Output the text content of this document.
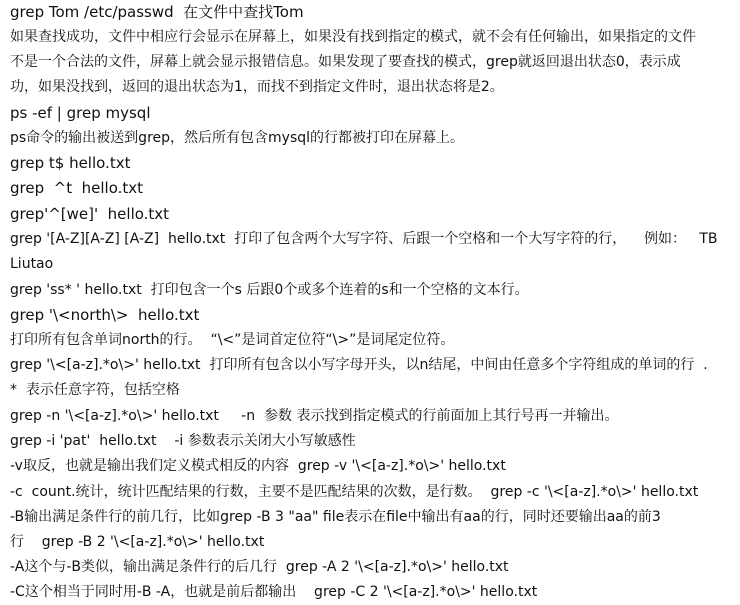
grep Tom /etc/passwd  在文件中查找Tom
如果查找成功，文件中相应行会显示在屏幕上，如果没有找到指定的模式，就不会有任何输出，如果指定的文件
不是一个合法的文件，屏幕上就会显示报错信息。如果发现了要查找的模式，grep就返回退出状态0，表示成
功，如果没找到，返回的退出状态为1，而找不到指定文件时，退出状态将是2。
ps -ef | grep mysql
ps命令的输出被送到grep，然后所有包含mysql的行都被打印在屏幕上。
grep t$ hello.txt
grep  ^t  hello.txt
grep'^[we]'  hello.txt
grep '[A-Z][A-Z] [A-Z]  hello.txt  打印了包含两个大写字符、后跟一个空格和一个大写字符的行，    例如：   TB
Liutao
grep 'ss* ' hello.txt  打印包含一个s 后跟0个或多个连着的s和一个空格的文本行。
grep '\<north\>  hello.txt
打印所有包含单词north的行。  “\<”是词首定位符“\>”是词尾定位符。
grep '\<[a-z].*o\>' hello.txt  打印所有包含以小写字母开头，以n结尾，中间由任意多个字符组成的单词的行  .
*  表示任意字符，包括空格
grep -n '\<[a-z].*o\>' hello.txt     -n  参数 表示找到指定模式的行前面加上其行号再一并输出。
grep -i 'pat'  hello.txt    -i 参数表示关闭大小写敏感性
-v取反，也就是输出我们定义模式相反的内容  grep -v '\<[a-z].*o\>' hello.txt
-c  count.统计，统计匹配结果的行数，主要不是匹配结果的次数，是行数。  grep -c '\<[a-z].*o\>' hello.txt
-B输出满足条件行的前几行，比如grep -B 3 "aa" file表示在file中输出有aa的行，同时还要输出aa的前3
行    grep -B 2 '\<[a-z].*o\>' hello.txt
-A这个与-B类似，输出满足条件行的后几行  grep -A 2 '\<[a-z].*o\>' hello.txt
-C这个相当于同时用-B -A，也就是前后都输出    grep -C 2 '\<[a-z].*o\>' hello.txt
